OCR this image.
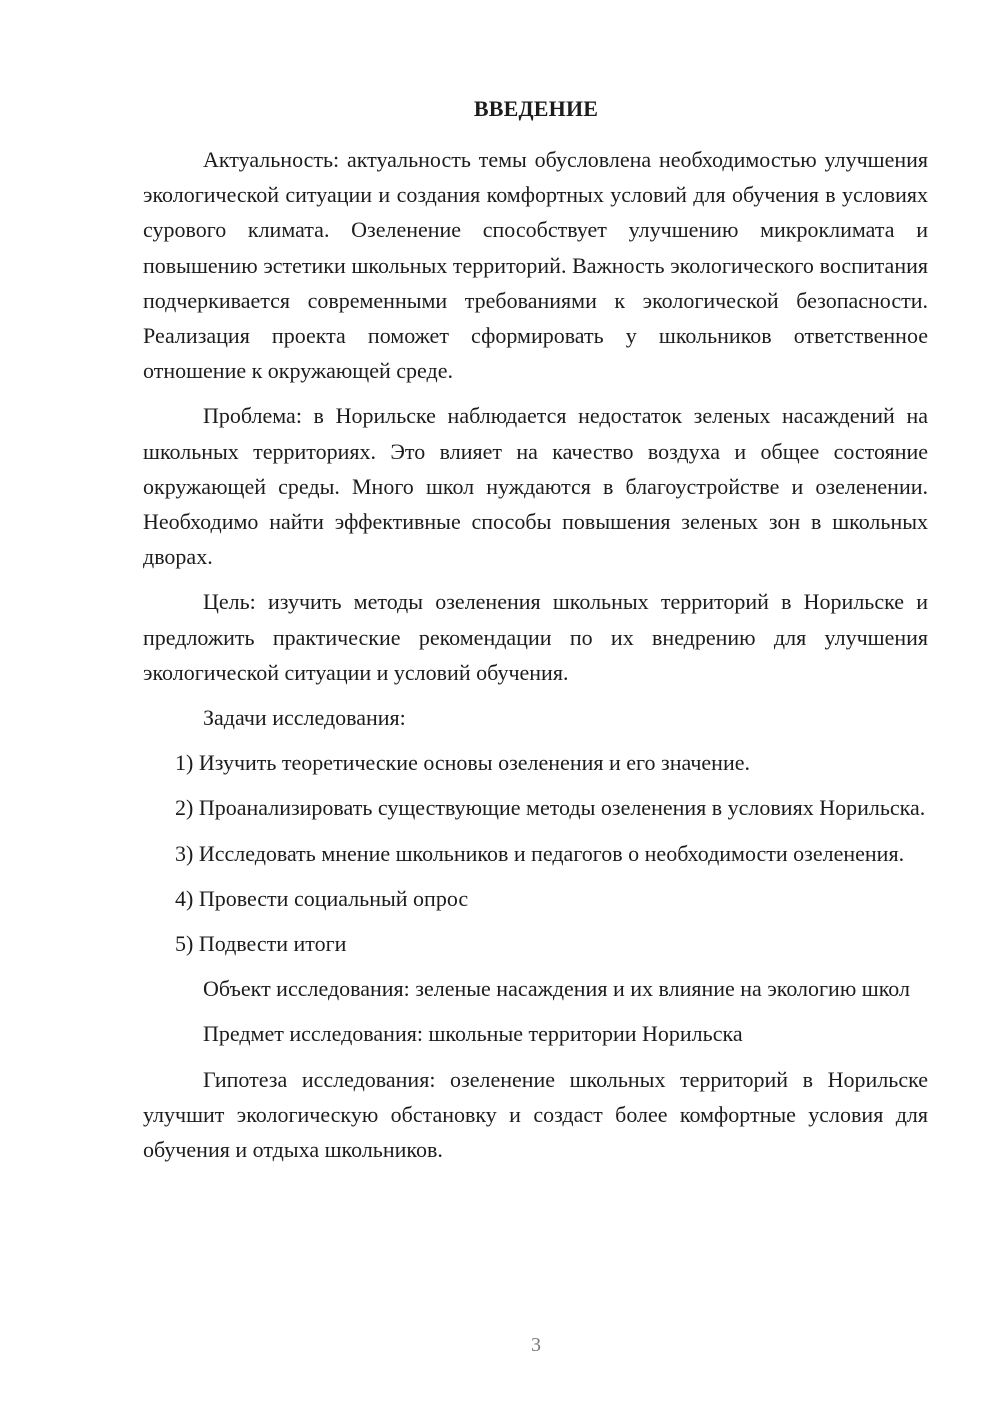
ВВЕДЕНИЕ

Актуальность: актуальность темы обусловлена необходимостью улучшения экологической ситуации и создания комфортных условий для обучения в условиях сурового климата. Озеленение способствует улучшению микроклимата и повышению эстетики школьных территорий. Важность экологического воспитания подчеркивается современными требованиями к экологической безопасности. Реализация проекта поможет сформировать у школьников ответственное отношение к окружающей среде.

Проблема: в Норильске наблюдается недостаток зеленых насаждений на школьных территориях. Это влияет на качество воздуха и общее состояние окружающей среды. Много школ нуждаются в благоустройстве и озеленении. Необходимо найти эффективные способы повышения зеленых зон в школьных дворах.

Цель: изучить методы озеленения школьных территорий в Норильске и предложить практические рекомендации по их внедрению для улучшения экологической ситуации и условий обучения.

Задачи исследования:

1) Изучить теоретические основы озеленения и его значение.

2) Проанализировать существующие методы озеленения в условиях Норильска.

3) Исследовать мнение школьников и педагогов о необходимости озеленения.

4) Провести социальный опрос

5) Подвести итоги

Объект исследования: зеленые насаждения и их влияние на экологию школ

Предмет исследования: школьные территории Норильска

Гипотеза исследования: озеленение школьных территорий в Норильске улучшит экологическую обстановку и создаст более комфортные условия для обучения и отдыха школьников.

3
